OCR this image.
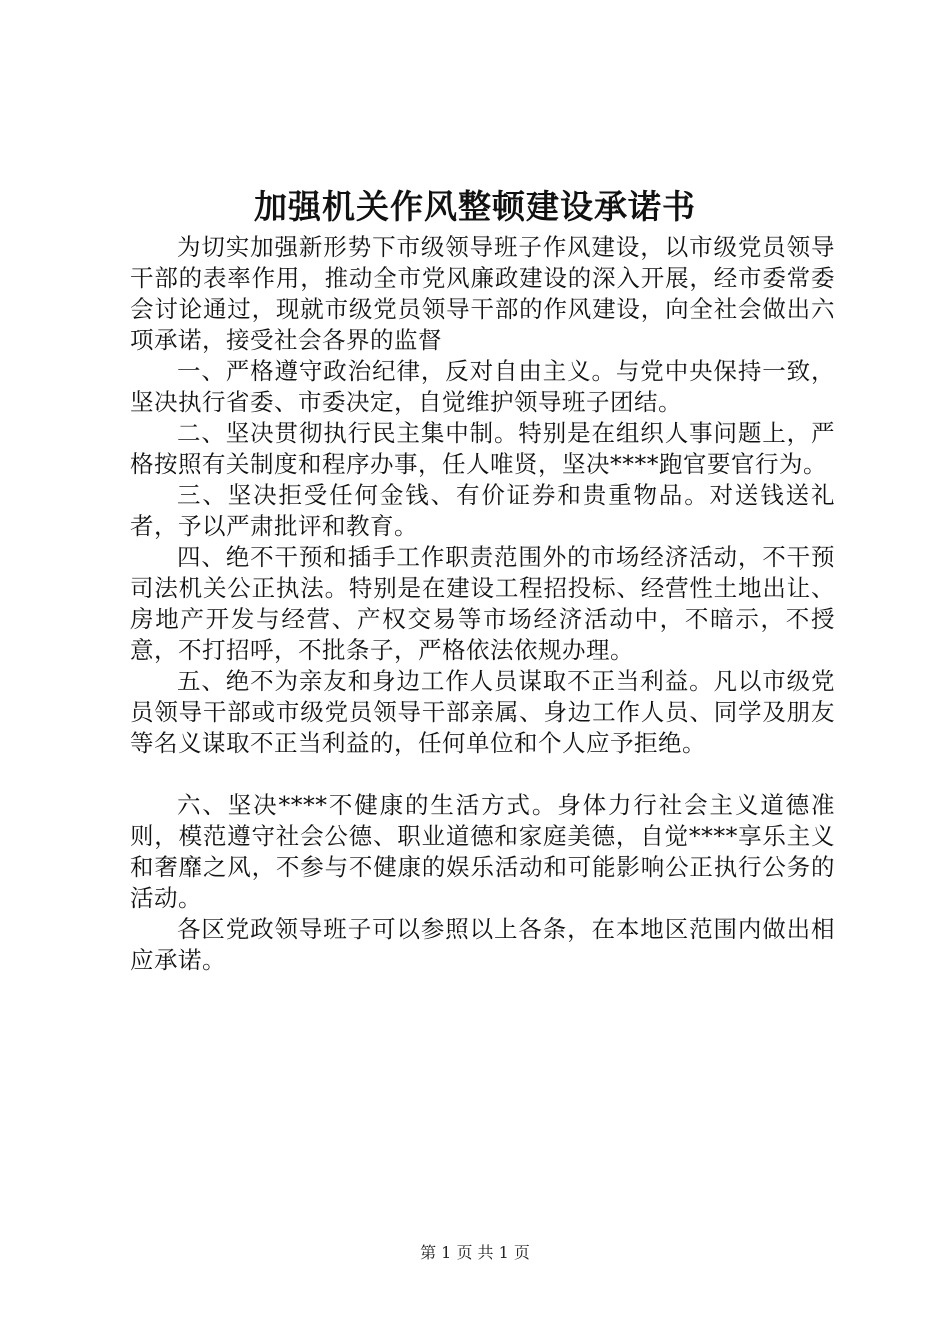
加强机关作风整顿建设承诺书

为切实加强新形势下市级领导班子作风建设，以市级党员领导干部的表率作用，推动全市党风廉政建设的深入开展，经市委常委会讨论通过，现就市级党员领导干部的作风建设，向全社会做出六项承诺，接受社会各界的监督

一、严格遵守政治纪律，反对自由主义。与党中央保持一致，坚决执行省委、市委决定，自觉维护领导班子团结。

二、坚决贯彻执行民主集中制。特别是在组织人事问题上，严格按照有关制度和程序办事，任人唯贤，坚决****跑官要官行为。

三、坚决拒受任何金钱、有价证券和贵重物品。对送钱送礼者，予以严肃批评和教育。

四、绝不干预和插手工作职责范围外的市场经济活动，不干预司法机关公正执法。特别是在建设工程招投标、经营性土地出让、房地产开发与经营、产权交易等市场经济活动中，不暗示，不授意，不打招呼，不批条子，严格依法依规办理。

五、绝不为亲友和身边工作人员谋取不正当利益。凡以市级党员领导干部或市级党员领导干部亲属、身边工作人员、同学及朋友等名义谋取不正当利益的，任何单位和个人应予拒绝。

六、坚决****不健康的生活方式。身体力行社会主义道德准则，模范遵守社会公德、职业道德和家庭美德，自觉****享乐主义和奢靡之风，不参与不健康的娱乐活动和可能影响公正执行公务的活动。

各区党政领导班子可以参照以上各条，在本地区范围内做出相应承诺。

第 1 页 共 1 页
